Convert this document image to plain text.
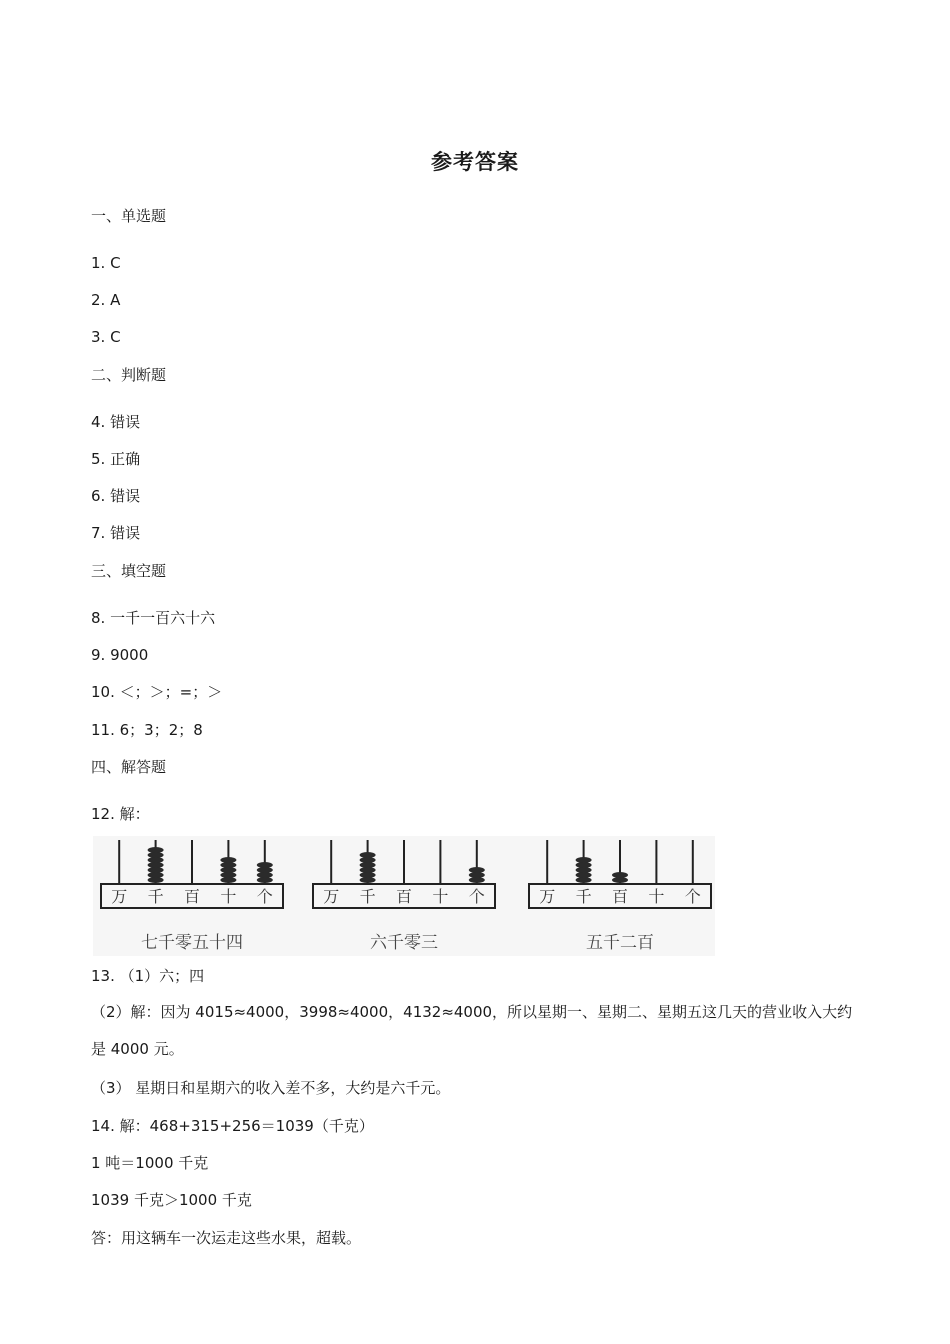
参考答案
一、单选题
1. C
2. A
3. C
二、判断题
4. 错误
5. 正确
6. 错误
7. 错误
三、填空题
8. 一千一百六十六
9. 9000
10. ＜；＞；=；＞
11. 6；3；2；8
四、解答题
12. 解：
万 千 百 十 个
七千零五十四
万 千 百 十 个
六千零三
万 千 百 十 个
五千二百
13. （1）六；四
（2）解：因为 4015≈4000，3998≈4000，4132≈4000，所以星期一、星期二、星期五这几天的营业收入大约是 4000 元。
（3） 星期日和星期六的收入差不多，大约是六千元。
14. 解：468+315+256＝1039（千克）
1 吨＝1000 千克
1039 千克＞1000 千克
答：用这辆车一次运走这些水果，超载。
